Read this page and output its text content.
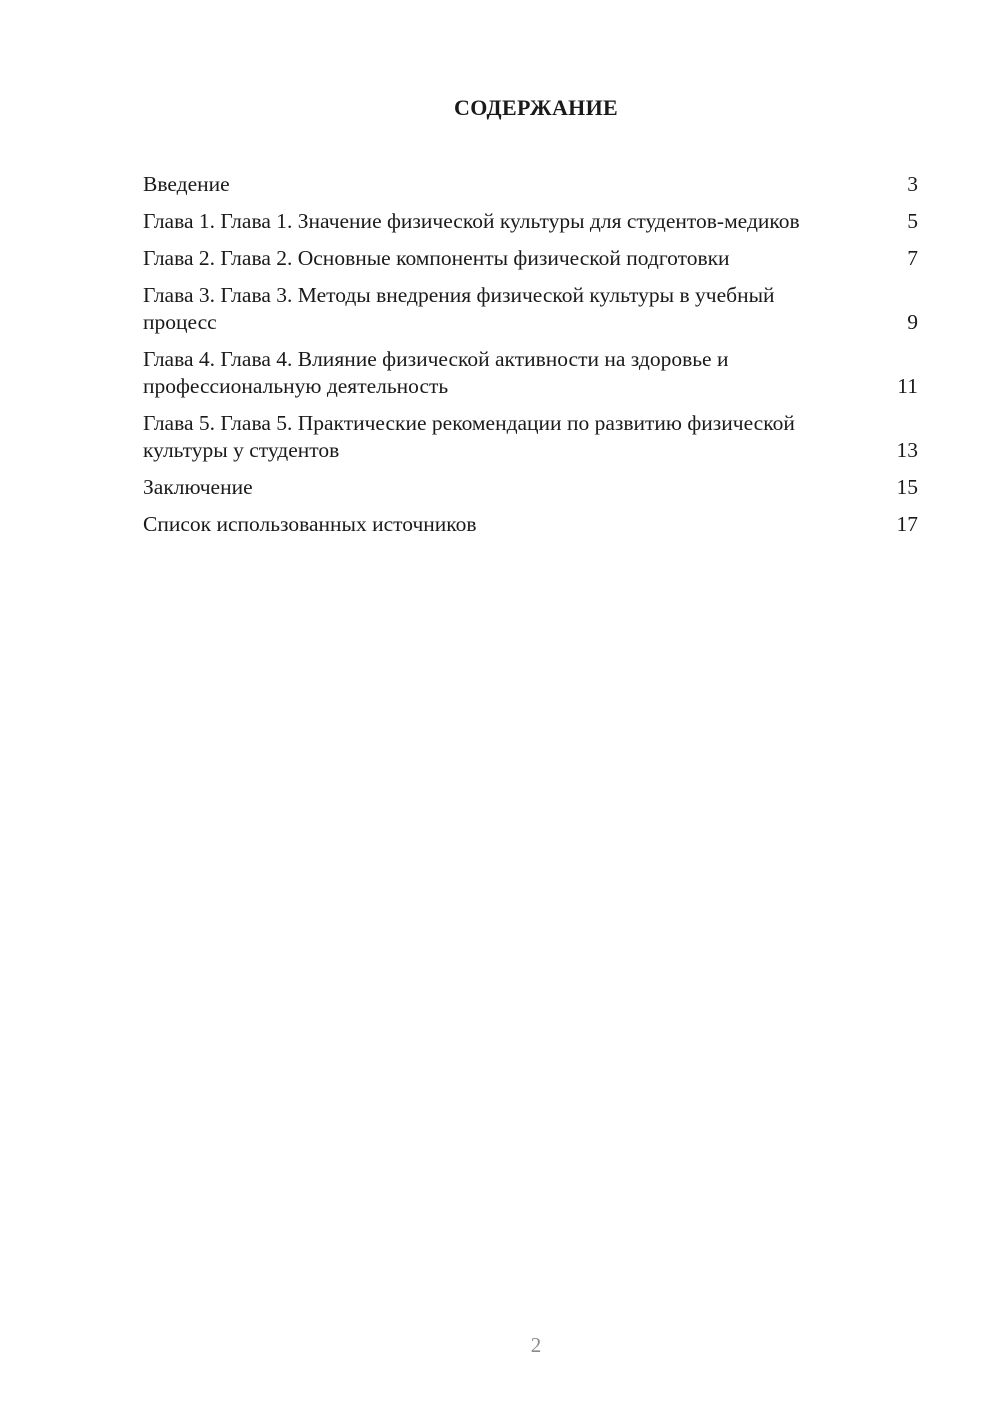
СОДЕРЖАНИЕ
Введение	3
Глава 1. Глава 1. Значение физической культуры для студентов-медиков	5
Глава 2. Глава 2. Основные компоненты физической подготовки	7
Глава 3. Глава 3. Методы внедрения физической культуры в учебный процесс	9
Глава 4. Глава 4. Влияние физической активности на здоровье и профессиональную деятельность	11
Глава 5. Глава 5. Практические рекомендации по развитию физической культуры у студентов	13
Заключение	15
Список использованных источников	17
2
